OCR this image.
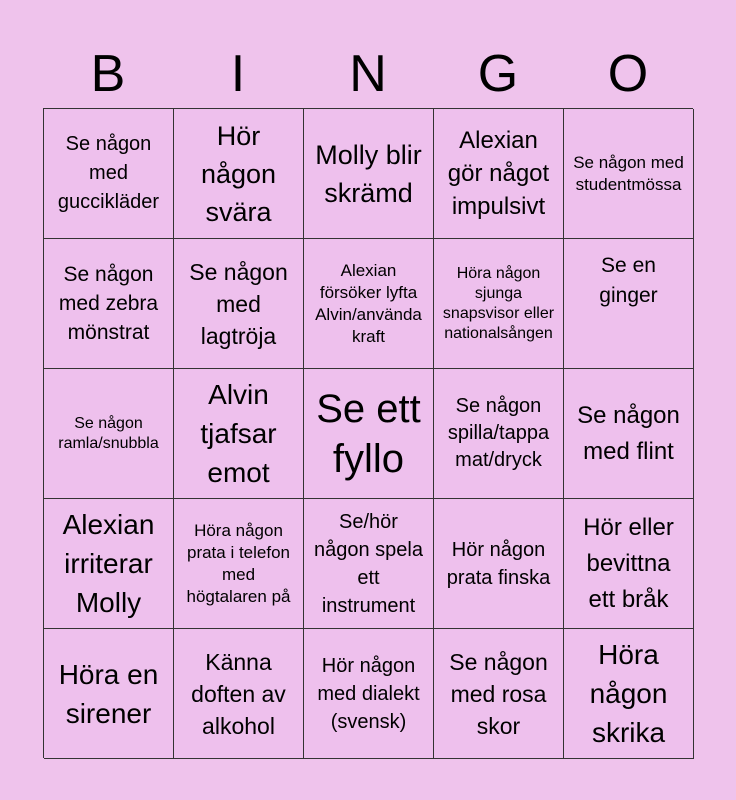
B	I	N	G	O
Se någon med guccikläder
Hör någon svära
Molly blir skrämd
Alexian gör något impulsivt
Se någon med studentmössa
Se någon med zebra mönstrat
Se någon med lagtröja
Alexian försöker lyfta Alvin/använda kraft
Höra någon sjunga snapsvisor eller nationalsången
Se en ginger
Se någon ramla/snubbla
Alvin tjafsar emot
Se ett fyllo
Se någon spilla/tappa mat/dryck
Se någon med flint
Alexian irriterar Molly
Höra någon prata i telefon med högtalaren på
Se/hör någon spela ett instrument
Hör någon prata finska
Hör eller bevittna ett bråk
Höra en sirener
Känna doften av alkohol
Hör någon med dialekt (svensk)
Se någon med rosa skor
Höra någon skrika
